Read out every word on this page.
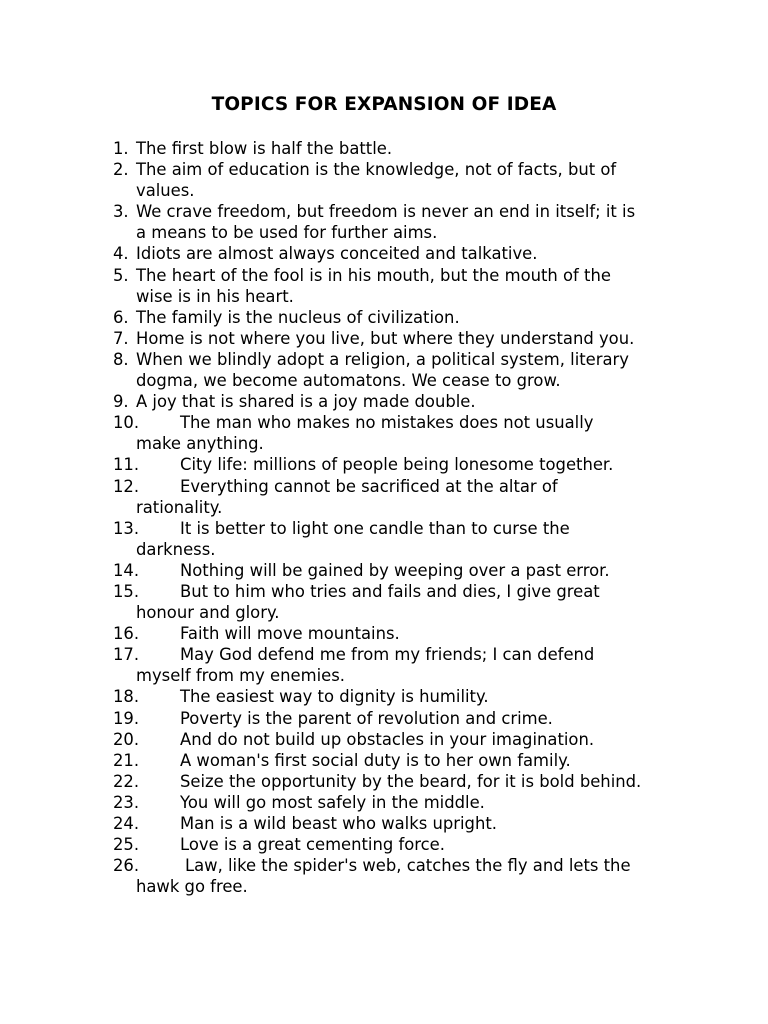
TOPICS FOR EXPANSION OF IDEA
1. The first blow is half the battle.
2. The aim of education is the knowledge, not of facts, but of
values.
3. We crave freedom, but freedom is never an end in itself; it is
a means to be used for further aims.
4. Idiots are almost always conceited and talkative.
5. The heart of the fool is in his mouth, but the mouth of the
wise is in his heart.
6. The family is the nucleus of civilization.
7. Home is not where you live, but where they understand you.
8. When we blindly adopt a religion, a political system, literary
dogma, we become automatons. We cease to grow.
9. A joy that is shared is a joy made double.
10.	The man who makes no mistakes does not usually
make anything.
11.	City life: millions of people being lonesome together.
12.	Everything cannot be sacrificed at the altar of
rationality.
13.	It is better to light one candle than to curse the
darkness.
14.	Nothing will be gained by weeping over a past error.
15.	But to him who tries and fails and dies, I give great
honour and glory.
16.	Faith will move mountains.
17.	May God defend me from my friends; I can defend
myself from my enemies.
18.	The easiest way to dignity is humility.
19.	Poverty is the parent of revolution and crime.
20.	And do not build up obstacles in your imagination.
21.	A woman's first social duty is to her own family.
22.	Seize the opportunity by the beard, for it is bold behind.
23.	You will go most safely in the middle.
24.	Man is a wild beast who walks upright.
25.	Love is a great cementing force.
26.	Law, like the spider's web, catches the fly and lets the
hawk go free.
